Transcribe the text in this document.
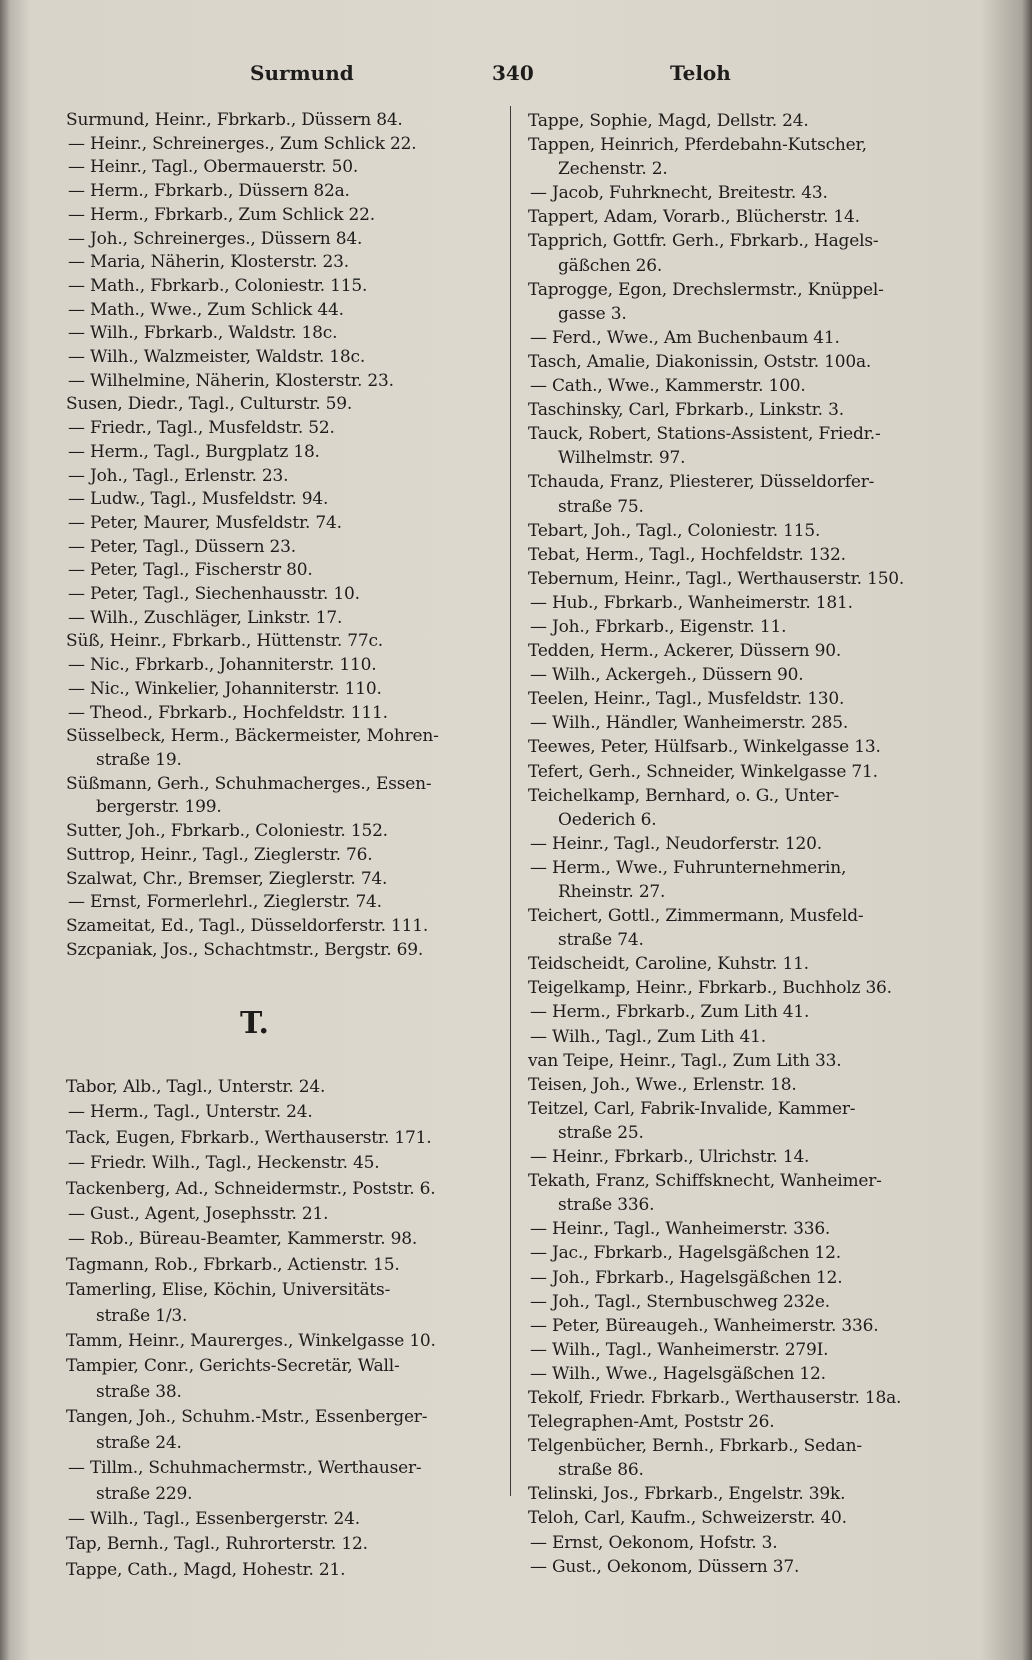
Surmund	340	Teloh
Surmund, Heinr., Fbrkarb., Düssern 84.
— Heinr., Schreinerges., Zum Schlick 22.
— Heinr., Tagl., Obermauerstr. 50.
— Herm., Fbrkarb., Düssern 82a.
— Herm., Fbrkarb., Zum Schlick 22.
— Joh., Schreinerges., Düssern 84.
— Maria, Näherin, Klosterstr. 23.
— Math., Fbrkarb., Coloniestr. 115.
— Math., Wwe., Zum Schlick 44.
— Wilh., Fbrkarb., Waldstr. 18c.
— Wilh., Walzmeister, Waldstr. 18c.
— Wilhelmine, Näherin, Klosterstr. 23.
Susen, Diedr., Tagl., Culturstr. 59.
— Friedr., Tagl., Musfeldstr. 52.
— Herm., Tagl., Burgplatz 18.
— Joh., Tagl., Erlenstr. 23.
— Ludw., Tagl., Musfeldstr. 94.
— Peter, Maurer, Musfeldstr. 74.
— Peter, Tagl., Düssern 23.
— Peter, Tagl., Fischerstr 80.
— Peter, Tagl., Siechenhausstr. 10.
— Wilh., Zuschläger, Linkstr. 17.
Süß, Heinr., Fbrkarb., Hüttenstr. 77c.
— Nic., Fbrkarb., Johanniterstr. 110.
— Nic., Winkelier, Johanniterstr. 110.
— Theod., Fbrkarb., Hochfeldstr. 111.
Süsselbeck, Herm., Bäckermeister, Mohren-
straße 19.
Süßmann, Gerh., Schuhmacherges., Essen-
bergerstr. 199.
Sutter, Joh., Fbrkarb., Coloniestr. 152.
Suttrop, Heinr., Tagl., Zieglerstr. 76.
Szalwat, Chr., Bremser, Zieglerstr. 74.
— Ernst, Formerlehrl., Zieglerstr. 74.
Szameitat, Ed., Tagl., Düsseldorferstr. 111.
Szcpaniak, Jos., Schachtmstr., Bergstr. 69.
T.
Tabor, Alb., Tagl., Unterstr. 24.
— Herm., Tagl., Unterstr. 24.
Tack, Eugen, Fbrkarb., Werthauserstr. 171.
— Friedr. Wilh., Tagl., Heckenstr. 45.
Tackenberg, Ad., Schneidermstr., Poststr. 6.
— Gust., Agent, Josephsstr. 21.
— Rob., Büreau-Beamter, Kammerstr. 98.
Tagmann, Rob., Fbrkarb., Actienstr. 15.
Tamerling, Elise, Köchin, Universitäts-
straße 1/3.
Tamm, Heinr., Maurerges., Winkelgasse 10.
Tampier, Conr., Gerichts-Secretär, Wall-
straße 38.
Tangen, Joh., Schuhm.-Mstr., Essenberger-
straße 24.
— Tillm., Schuhmachermstr., Werthauser-
straße 229.
— Wilh., Tagl., Essenbergerstr. 24.
Tap, Bernh., Tagl., Ruhrorterstr. 12.
Tappe, Cath., Magd, Hohestr. 21.
Tappe, Sophie, Magd, Dellstr. 24.
Tappen, Heinrich, Pferdebahn-Kutscher,
Zechenstr. 2.
— Jacob, Fuhrknecht, Breitestr. 43.
Tappert, Adam, Vorarb., Blücherstr. 14.
Tapprich, Gottfr. Gerh., Fbrkarb., Hagels-
gäßchen 26.
Taprogge, Egon, Drechslermstr., Knüppel-
gasse 3.
— Ferd., Wwe., Am Buchenbaum 41.
Tasch, Amalie, Diakonissin, Oststr. 100a.
— Cath., Wwe., Kammerstr. 100.
Taschinsky, Carl, Fbrkarb., Linkstr. 3.
Tauck, Robert, Stations-Assistent, Friedr.-
Wilhelmstr. 97.
Tchauda, Franz, Pliesterer, Düsseldorfer-
straße 75.
Tebart, Joh., Tagl., Coloniestr. 115.
Tebat, Herm., Tagl., Hochfeldstr. 132.
Tebernum, Heinr., Tagl., Werthauserstr. 150.
— Hub., Fbrkarb., Wanheimerstr. 181.
— Joh., Fbrkarb., Eigenstr. 11.
Tedden, Herm., Ackerer, Düssern 90.
— Wilh., Ackergeh., Düssern 90.
Teelen, Heinr., Tagl., Musfeldstr. 130.
— Wilh., Händler, Wanheimerstr. 285.
Teewes, Peter, Hülfsarb., Winkelgasse 13.
Tefert, Gerh., Schneider, Winkelgasse 71.
Teichelkamp, Bernhard, o. G., Unter-
Oederich 6.
— Heinr., Tagl., Neudorferstr. 120.
— Herm., Wwe., Fuhrunternehmerin,
Rheinstr. 27.
Teichert, Gottl., Zimmermann, Musfeld-
straße 74.
Teidscheidt, Caroline, Kuhstr. 11.
Teigelkamp, Heinr., Fbrkarb., Buchholz 36.
— Herm., Fbrkarb., Zum Lith 41.
— Wilh., Tagl., Zum Lith 41.
van Teipe, Heinr., Tagl., Zum Lith 33.
Teisen, Joh., Wwe., Erlenstr. 18.
Teitzel, Carl, Fabrik-Invalide, Kammer-
straße 25.
— Heinr., Fbrkarb., Ulrichstr. 14.
Tekath, Franz, Schiffsknecht, Wanheimer-
straße 336.
— Heinr., Tagl., Wanheimerstr. 336.
— Jac., Fbrkarb., Hagelsgäßchen 12.
— Joh., Fbrkarb., Hagelsgäßchen 12.
— Joh., Tagl., Sternbuschweg 232e.
— Peter, Büreaugeh., Wanheimerstr. 336.
— Wilh., Tagl., Wanheimerstr. 279I.
— Wilh., Wwe., Hagelsgäßchen 12.
Tekolf, Friedr. Fbrkarb., Werthauserstr. 18a.
Telegraphen-Amt, Poststr 26.
Telgenbücher, Bernh., Fbrkarb., Sedan-
straße 86.
Telinski, Jos., Fbrkarb., Engelstr. 39k.
Teloh, Carl, Kaufm., Schweizerstr. 40.
— Ernst, Oekonom, Hofstr. 3.
— Gust., Oekonom, Düssern 37.
